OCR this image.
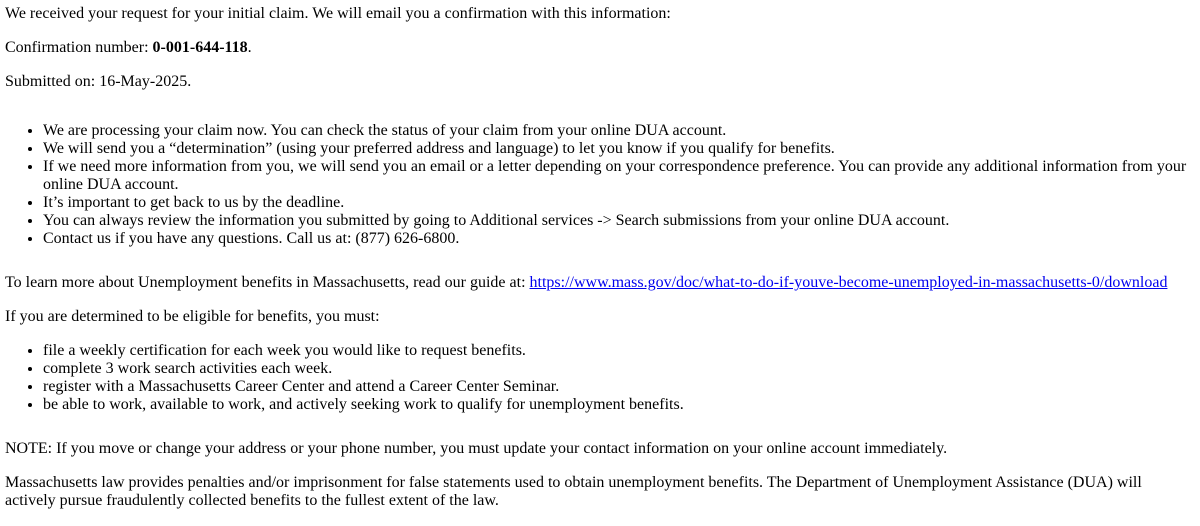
We received your request for your initial claim. We will email you a confirmation with this information:

Confirmation number: 0-001-644-118.

Submitted on: 16-May-2025.

• We are processing your claim now. You can check the status of your claim from your online DUA account.
• We will send you a “determination” (using your preferred address and language) to let you know if you qualify for benefits.
• If we need more information from you, we will send you an email or a letter depending on your correspondence preference. You can provide any additional information from your online DUA account.
• It’s important to get back to us by the deadline.
• You can always review the information you submitted by going to Additional services -> Search submissions from your online DUA account.
• Contact us if you have any questions. Call us at: (877) 626-6800.

To learn more about Unemployment benefits in Massachusetts, read our guide at: https://www.mass.gov/doc/what-to-do-if-youve-become-unemployed-in-massachusetts-0/download

If you are determined to be eligible for benefits, you must:

• file a weekly certification for each week you would like to request benefits.
• complete 3 work search activities each week.
• register with a Massachusetts Career Center and attend a Career Center Seminar.
• be able to work, available to work, and actively seeking work to qualify for unemployment benefits.

NOTE: If you move or change your address or your phone number, you must update your contact information on your online account immediately.

Massachusetts law provides penalties and/or imprisonment for false statements used to obtain unemployment benefits. The Department of Unemployment Assistance (DUA) will actively pursue fraudulently collected benefits to the fullest extent of the law.
